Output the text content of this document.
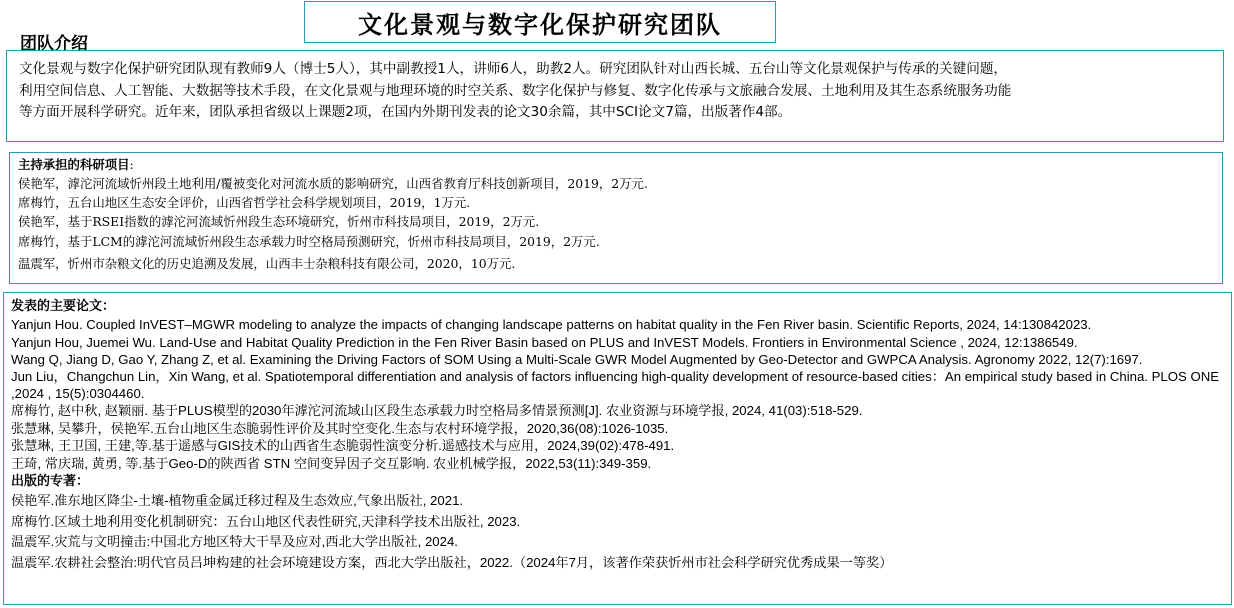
文化景观与数字化保护研究团队
团队介绍
文化景观与数字化保护研究团队现有教师9人（博士5人），其中副教授1人，讲师6人，助教2人。研究团队针对山西长城、五台山等文化景观保护与传承的关键问题，
利用空间信息、人工智能、大数据等技术手段，在文化景观与地理环境的时空关系、数字化保护与修复、数字化传承与文旅融合发展、土地利用及其生态系统服务功能
等方面开展科学研究。近年来，团队承担省级以上课题2项，在国内外期刊发表的论文30余篇，其中SCI论文7篇，出版著作4部。
主持承担的科研项目:
侯艳军，滹沱河流域忻州段土地利用/覆被变化对河流水质的影响研究，山西省教育厅科技创新项目，2019，2万元.
席梅竹，五台山地区生态安全评价，山西省哲学社会科学规划项目，2019，1万元.
侯艳军，基于RSEI指数的滹沱河流域忻州段生态环境研究，忻州市科技局项目，2019，2万元.
席梅竹，基于LCM的滹沱河流域忻州段生态承载力时空格局预测研究，忻州市科技局项目，2019，2万元.
温震军，忻州市杂粮文化的历史追溯及发展，山西丰士杂粮科技有限公司，2020，10万元.
发表的主要论文：
Yanjun Hou. Coupled InVEST–MGWR modeling to analyze the impacts of changing landscape patterns on habitat quality in the Fen River basin. Scientific Reports, 2024, 14:130842023.
Yanjun Hou, Juemei Wu. Land-Use and Habitat Quality Prediction in the Fen River Basin based on PLUS and InVEST Models. Frontiers in Environmental Science , 2024, 12:1386549.
Wang Q, Jiang D, Gao Y, Zhang Z, et al. Examining the Driving Factors of SOM Using a Multi-Scale GWR Model Augmented by Geo-Detector and GWPCA Analysis. Agronomy 2022, 12(7):1697.
Jun Liu，Changchun Lin，Xin Wang, et al. Spatiotemporal differentiation and analysis of factors influencing high-quality development of resource-based cities：An empirical study based in China. PLOS ONE ,2024 , 15(5):0304460.
席梅竹, 赵中秋, 赵颖丽. 基于PLUS模型的2030年滹沱河流域山区段生态承载力时空格局多情景预测[J]. 农业资源与环境学报, 2024, 41(03):518-529.
张慧琳, 吴攀升，侯艳军.五台山地区生态脆弱性评价及其时空变化.生态与农村环境学报，2020,36(08):1026-1035.
张慧琳, 王卫国, 王建,等.基于遥感与GIS技术的山西省生态脆弱性演变分析.遥感技术与应用，2024,39(02):478-491.
王琦, 常庆瑞, 黄勇, 等.基于Geo-D的陕西省 STN 空间变异因子交互影响. 农业机械学报，2022,53(11):349-359.
出版的专著：
侯艳军.准东地区降尘-土壤-植物重金属迁移过程及生态效应,气象出版社, 2021.
席梅竹.区域土地利用变化机制研究：五台山地区代表性研究,天津科学技术出版社, 2023.
温震军.灾荒与文明撞击:中国北方地区特大干旱及应对,西北大学出版社, 2024.
温震军.农耕社会整治:明代官员吕坤构建的社会环境建设方案，西北大学出版社，2022.（2024年7月，该著作荣获忻州市社会科学研究优秀成果一等奖）
